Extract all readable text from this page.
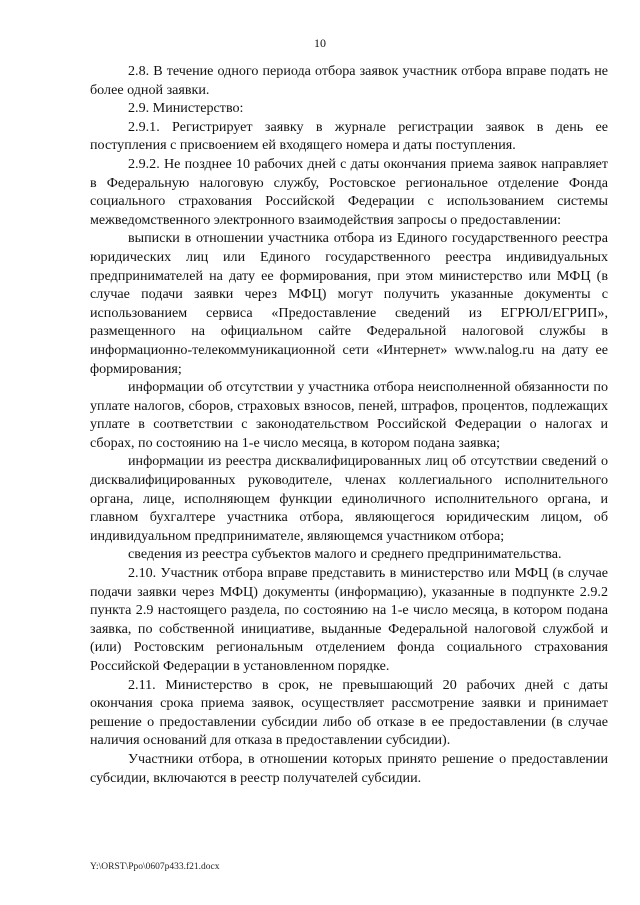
10

2.8. В течение одного периода отбора заявок участник отбора вправе подать не более одной заявки.

2.9. Министерство:

2.9.1. Регистрирует заявку в журнале регистрации заявок в день ее поступления с присвоением ей входящего номера и даты поступления.

2.9.2. Не позднее 10 рабочих дней с даты окончания приема заявок направляет в Федеральную налоговую службу, Ростовское региональное отделение Фонда социального страхования Российской Федерации с использованием системы межведомственного электронного взаимодействия запросы о предоставлении:

выписки в отношении участника отбора из Единого государственного реестра юридических лиц или Единого государственного реестра индивидуальных предпринимателей на дату ее формирования, при этом министерство или МФЦ (в случае подачи заявки через МФЦ) могут получить указанные документы с использованием сервиса «Предоставление сведений из ЕГРЮЛ/ЕГРИП», размещенного на официальном сайте Федеральной налоговой службы в информационно-телекоммуникационной сети «Интернет» www.nalog.ru на дату ее формирования;

информации об отсутствии у участника отбора неисполненной обязанности по уплате налогов, сборов, страховых взносов, пеней, штрафов, процентов, подлежащих уплате в соответствии с законодательством Российской Федерации о налогах и сборах, по состоянию на 1-е число месяца, в котором подана заявка;

информации из реестра дисквалифицированных лиц об отсутствии сведений о дисквалифицированных руководителе, членах коллегиального исполнительного органа, лице, исполняющем функции единоличного исполнительного органа, и главном бухгалтере участника отбора, являющегося юридическим лицом, об индивидуальном предпринимателе, являющемся участником отбора;

сведения из реестра субъектов малого и среднего предпринимательства.

2.10. Участник отбора вправе представить в министерство или МФЦ (в случае подачи заявки через МФЦ) документы (информацию), указанные в подпункте 2.9.2 пункта 2.9 настоящего раздела, по состоянию на 1-е число месяца, в котором подана заявка, по собственной инициативе, выданные Федеральной налоговой службой и (или) Ростовским региональным отделением фонда социального страхования Российской Федерации в установленном порядке.

2.11. Министерство в срок, не превышающий 20 рабочих дней с даты окончания срока приема заявок, осуществляет рассмотрение заявки и принимает решение о предоставлении субсидии либо об отказе в ее предоставлении (в случае наличия оснований для отказа в предоставлении субсидии).

Участники отбора, в отношении которых принято решение о предоставлении субсидии, включаются в реестр получателей субсидии.

Y:\ORST\Ppo\0607p433.f21.docx
